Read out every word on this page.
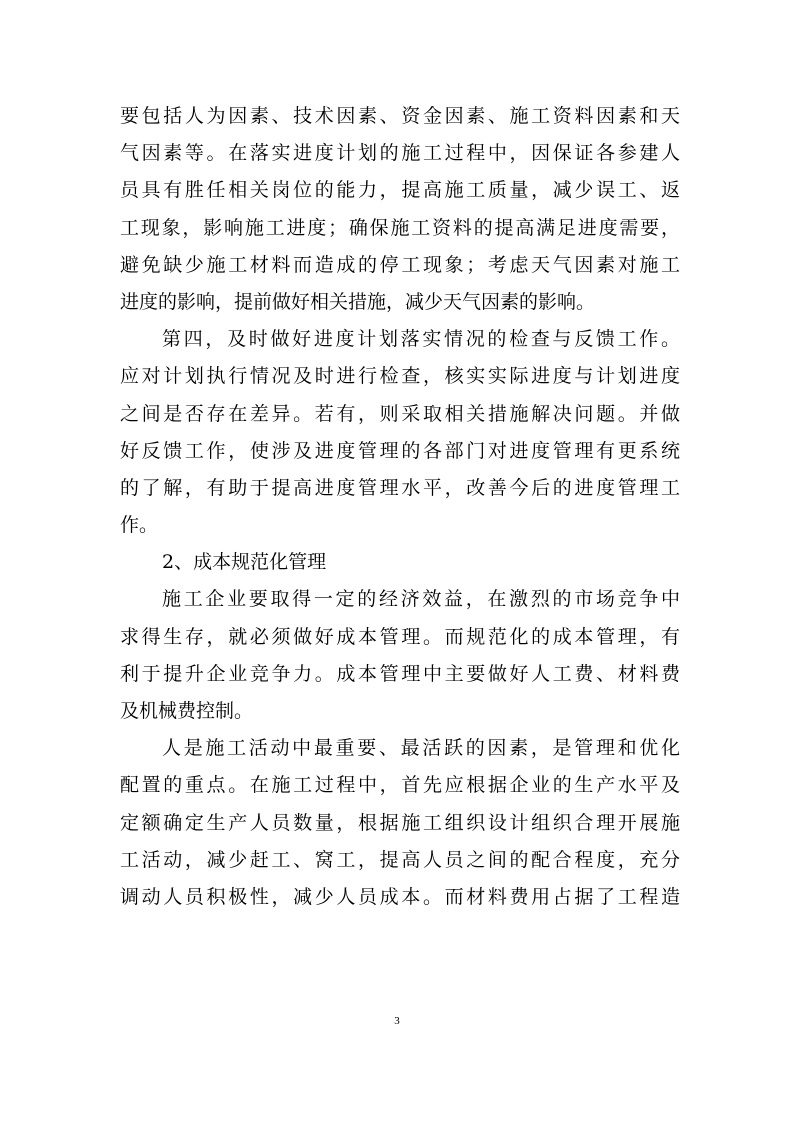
要包括人为因素、技术因素、资金因素、施工资料因素和天
气因素等。在落实进度计划的施工过程中，因保证各参建人
员具有胜任相关岗位的能力，提高施工质量，减少误工、返
工现象，影响施工进度；确保施工资料的提高满足进度需要，
避免缺少施工材料而造成的停工现象；考虑天气因素对施工
进度的影响，提前做好相关措施，减少天气因素的影响。
第四，及时做好进度计划落实情况的检查与反馈工作。
应对计划执行情况及时进行检查，核实实际进度与计划进度
之间是否存在差异。若有，则采取相关措施解决问题。并做
好反馈工作，使涉及进度管理的各部门对进度管理有更系统
的了解，有助于提高进度管理水平，改善今后的进度管理工
作。
2、成本规范化管理
施工企业要取得一定的经济效益，在激烈的市场竞争中
求得生存，就必须做好成本管理。而规范化的成本管理，有
利于提升企业竞争力。成本管理中主要做好人工费、材料费
及机械费控制。
人是施工活动中最重要、最活跃的因素，是管理和优化
配置的重点。在施工过程中，首先应根据企业的生产水平及
定额确定生产人员数量，根据施工组织设计组织合理开展施
工活动，减少赶工、窝工，提高人员之间的配合程度，充分
调动人员积极性，减少人员成本。而材料费用占据了工程造
3
